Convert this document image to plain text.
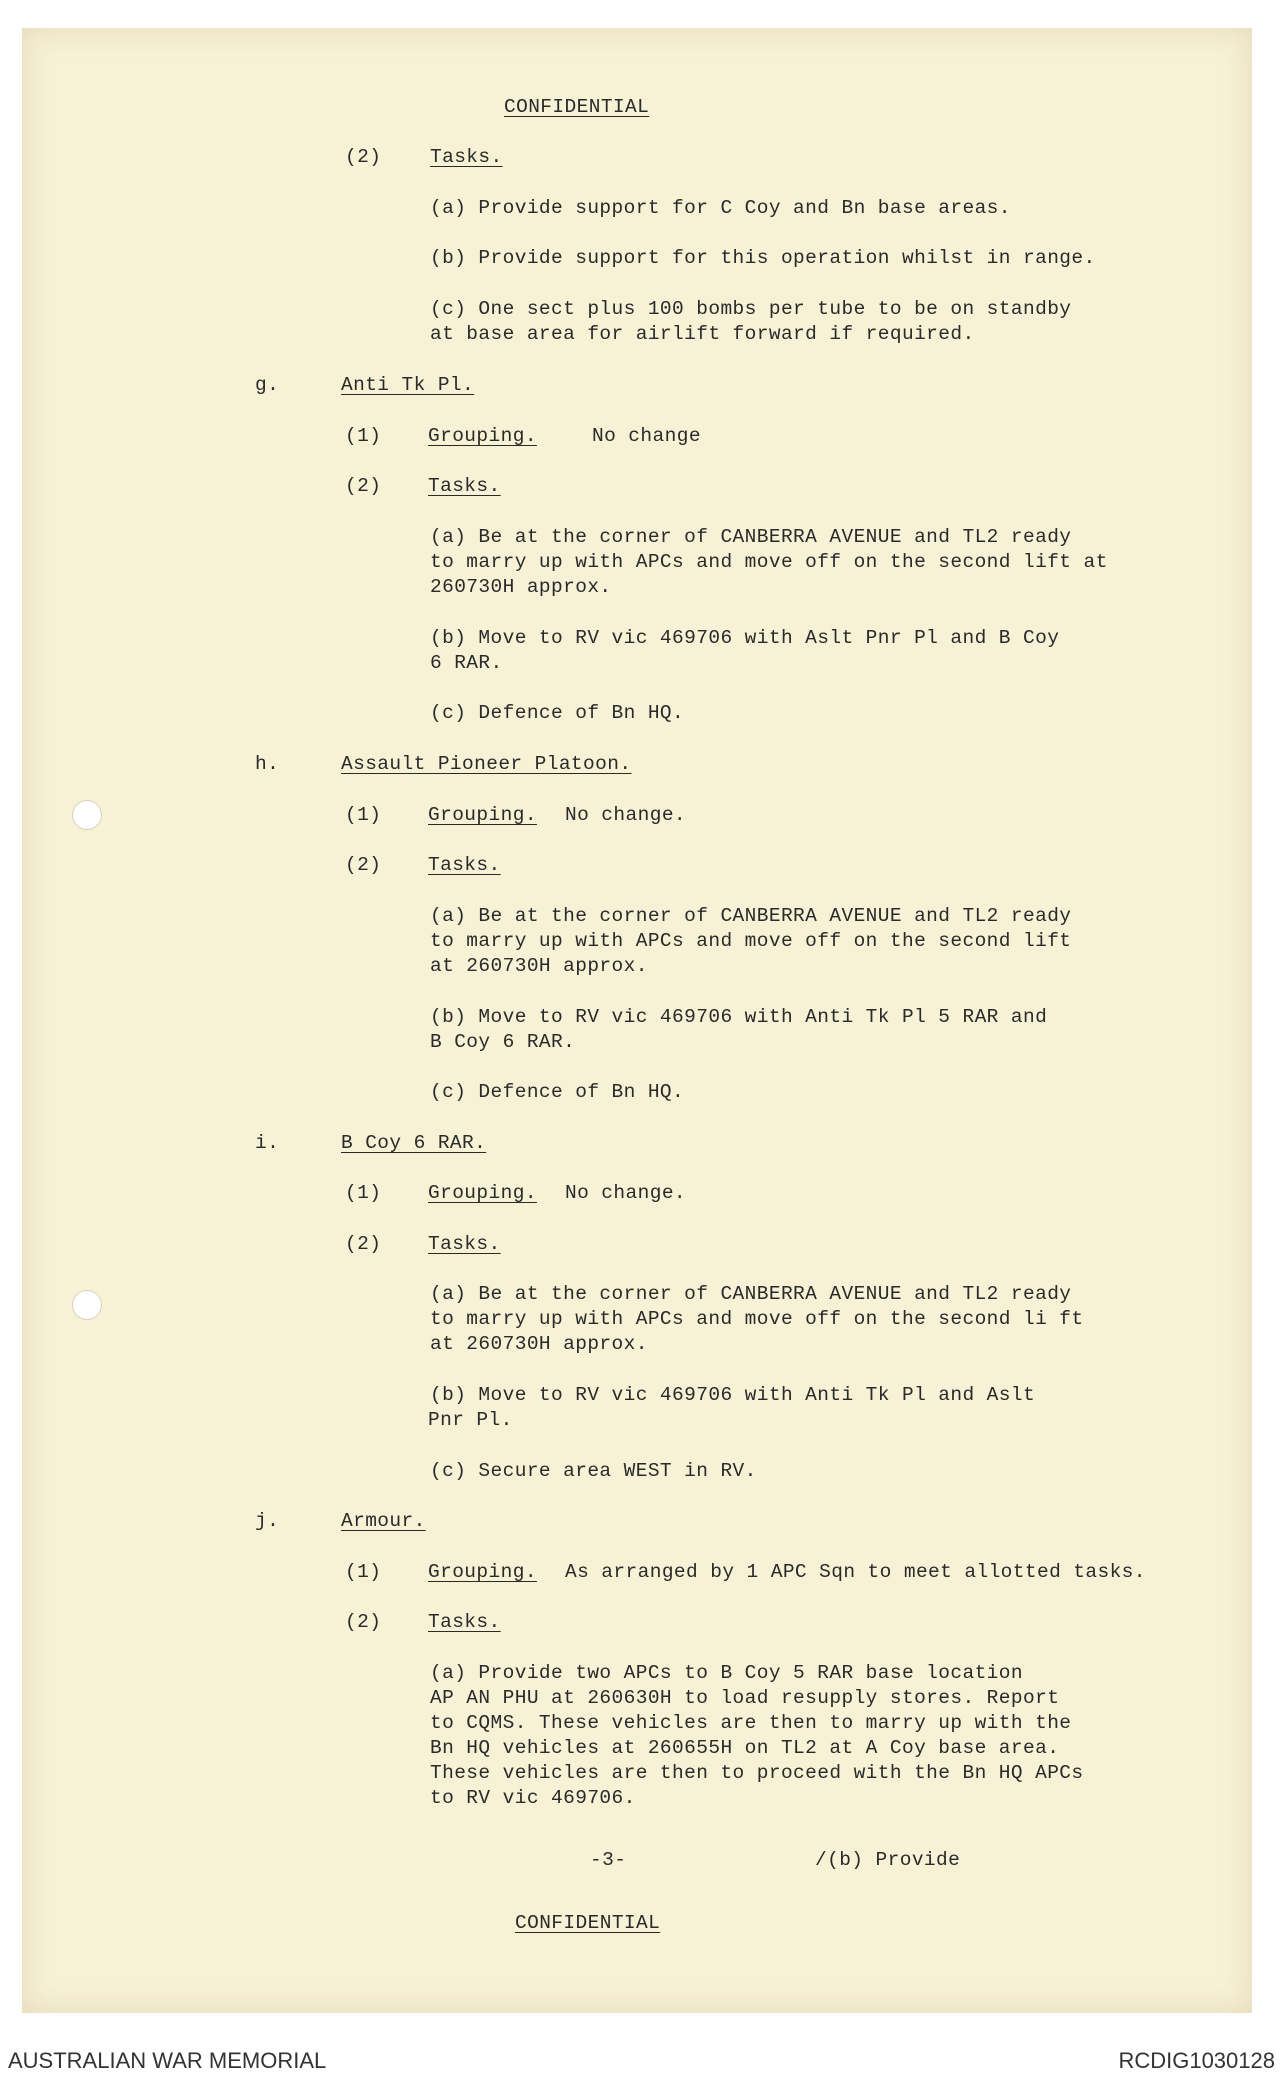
CONFIDENTIAL
(2) Tasks.
(a) Provide support for C Coy and Bn base areas.
(b) Provide support for this operation whilst in range.
(c) One sect plus 100 bombs per tube to be on standby
at base area for airlift forward if required.
g.	Anti Tk Pl.
(1) Grouping.	No change
(2) Tasks.
(a) Be at the corner of CANBERRA AVENUE and TL2 ready
to marry up with APCs and move off on the second lift at
260730H approx.
(b) Move to RV vic 469706 with Aslt Pnr Pl and B Coy
6 RAR.
(c) Defence of Bn HQ.
h.	Assault Pioneer Platoon.
(1) Grouping. No change.
(2) Tasks.
(a) Be at the corner of CANBERRA AVENUE and TL2 ready
to marry up with APCs and move off on the second lift
at 260730H approx.
(b) Move to RV vic 469706 with Anti Tk Pl 5 RAR and
B Coy 6 RAR.
(c) Defence of Bn HQ.
i.	B Coy 6 RAR.
(1) Grouping. No change.
(2) Tasks.
(a) Be at the corner of CANBERRA AVENUE and TL2 ready
to marry up with APCs and move off on the second li ft
at 260730H approx.
(b) Move to RV vic 469706 with Anti Tk Pl and Aslt
Pnr Pl.
(c) Secure area WEST in RV.
j.	Armour.
(1) Grouping. As arranged by 1 APC Sqn to meet allotted tasks.
(2) Tasks.
(a) Provide two APCs to B Coy 5 RAR base location
AP AN PHU at 260630H to load resupply stores. Report
to CQMS. These vehicles are then to marry up with the
Bn HQ vehicles at 260655H on TL2 at A Coy base area.
These vehicles are then to proceed with the Bn HQ APCs
to RV vic 469706.
-3-	/(b) Provide
CONFIDENTIAL
AUSTRALIAN WAR MEMORIAL	RCDIG1030128
